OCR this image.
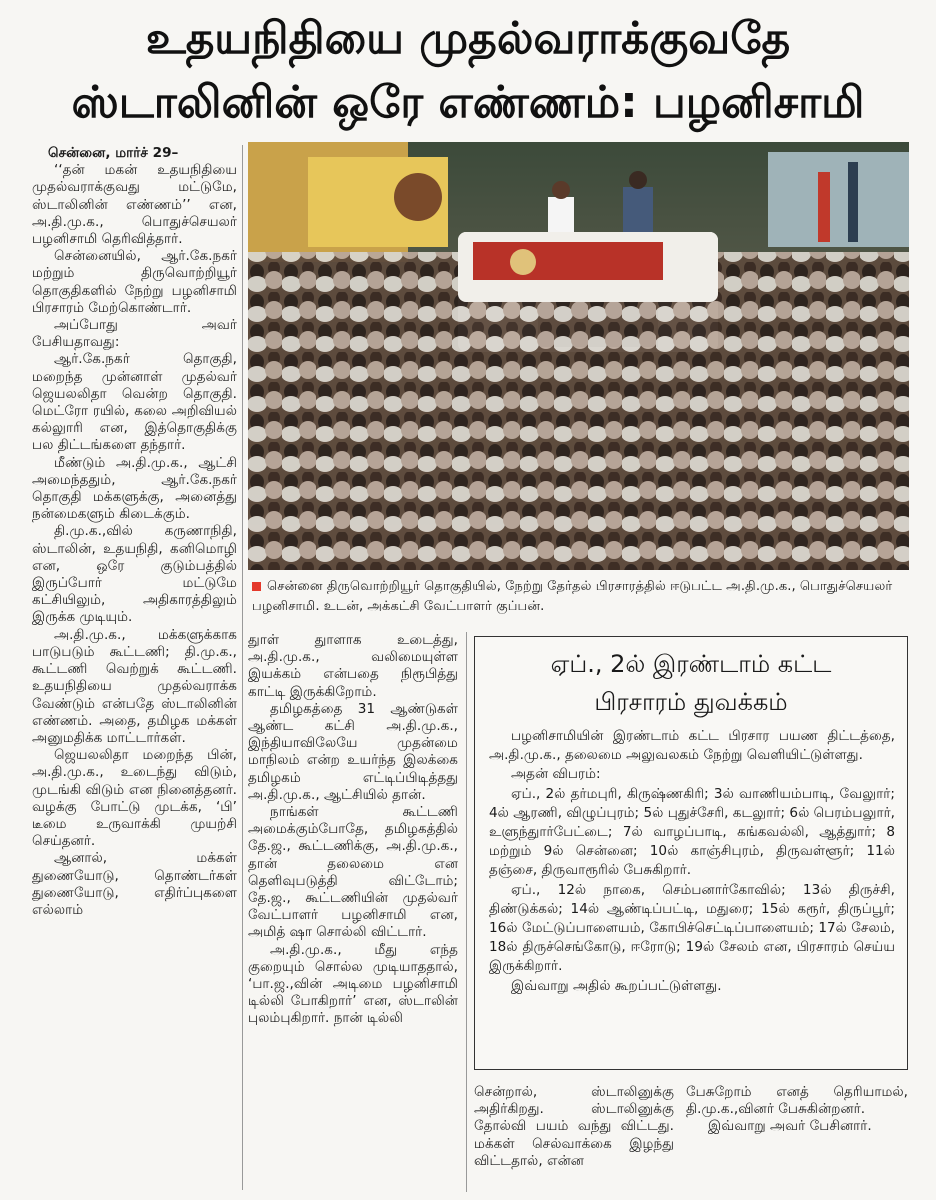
உதயநிதியை முதல்வராக்குவதே
ஸ்டாலினின் ஒரே எண்ணம்: பழனிசாமி

சென்னை, மார்ச் 29–

‘‘தன் மகன் உதயநிதியை முதல்வராக்குவது மட்டுமே, ஸ்டாலினின் எண்ணம்’’ என, அ.தி.மு.க., பொதுச்செயலர் பழனிசாமி தெரிவித்தார்.

சென்னையில், ஆர்.கே.நகர் மற்றும் திருவொற்றியூர் தொகுதிகளில் நேற்று பழனிசாமி பிரசாரம் மேற்கொண்டார்.

அப்போது அவர் பேசியதாவது:

ஆர்.கே.நகர் தொகுதி, மறைந்த முன்னாள் முதல்வர் ஜெயலலிதா வென்ற தொகுதி. மெட்ரோ ரயில், கலை அறிவியல் கல்லுாரி என, இத்தொகுதிக்கு பல திட்டங்களை தந்தார்.

மீண்டும் அ.தி.மு.க., ஆட்சி அமைந்ததும், ஆர்.கே.நகர் தொகுதி மக்களுக்கு, அனைத்து நன்மைகளும் கிடைக்கும்.

தி.மு.க.,வில் கருணாநிதி, ஸ்டாலின், உதயநிதி, கனிமொழி என, ஒரே குடும்பத்தில் இருப்போர் மட்டுமே கட்சியிலும், அதிகாரத்திலும் இருக்க முடியும்.

அ.தி.மு.க., மக்களுக்காக பாடுபடும் கூட்டணி; தி.மு.க., கூட்டணி வெற்றுக் கூட்டணி. உதயநிதியை முதல்வராக்க வேண்டும் என்பதே ஸ்டாலினின் எண்ணம். அதை, தமிழக மக்கள் அனுமதிக்க மாட்டார்கள்.

ஜெயலலிதா மறைந்த பின், அ.தி.மு.க., உடைந்து விடும், முடங்கி விடும் என நினைத்தனர். வழக்கு போட்டு முடக்க, ‘பி’ டீமை உருவாக்கி முயற்சி செய்தனர்.

ஆனால், மக்கள் துணையோடு, தொண்டர்கள் துணையோடு, எதிர்ப்புகளை எல்லாம்

சென்னை திருவொற்றியூர் தொகுதியில், நேற்று தேர்தல் பிரசாரத்தில் ஈடுபட்ட அ.தி.மு.க., பொதுச்செயலர் பழனிசாமி. உடன், அக்கட்சி வேட்பாளர் குப்பன்.

துாள் துாளாக உடைத்து, அ.தி.மு.க., வலிமையுள்ள இயக்கம் என்பதை நிரூபித்து காட்டி இருக்கிறோம்.

தமிழகத்தை 31 ஆண்டுகள் ஆண்ட கட்சி அ.தி.மு.க., இந்தியாவிலேயே முதன்மை மாநிலம் என்ற உயர்ந்த இலக்கை தமிழகம் எட்டிப்பிடித்தது அ.தி.மு.க., ஆட்சியில் தான்.

நாங்கள் கூட்டணி அமைக்கும்போதே, தமிழகத்தில் தே.ஜ., கூட்டணிக்கு, அ.தி.மு.க., தான் தலைமை என தெளிவுபடுத்தி விட்டோம்; தே.ஜ., கூட்டணியின் முதல்வர் வேட்பாளர் பழனிசாமி என, அமித் ஷா சொல்லி விட்டார்.

அ.தி.மு.க., மீது எந்த குறையும் சொல்ல முடியாததால், ‘பா.ஜ.,வின் அடிமை பழனிசாமி டில்லி போகிறார்’ என, ஸ்டாலின் புலம்புகிறார். நான் டில்லி

ஏப்., 2ல் இரண்டாம் கட்ட
பிரசாரம் துவக்கம்

பழனிசாமியின் இரண்டாம் கட்ட பிரசார பயண திட்டத்தை, அ.தி.மு.க., தலைமை அலுவலகம் நேற்று வெளியிட்டுள்ளது.

அதன் விபரம்:

ஏப்., 2ல் தர்மபுரி, கிருஷ்ணகிரி; 3ல் வாணியம்பாடி, வேலுார்; 4ல் ஆரணி, விழுப்புரம்; 5ல் புதுச்சேரி, கடலுார்; 6ல் பெரம்பலுார், உளுந்துார்பேட்டை; 7ல் வாழப்பாடி, கங்கவல்லி, ஆத்துார்; 8 மற்றும் 9ல் சென்னை; 10ல் காஞ்சிபுரம், திருவள்ளூர்; 11ல் தஞ்சை, திருவாரூரில் பேசுகிறார்.

ஏப்., 12ல் நாகை, செம்பனார்கோவில்; 13ல் திருச்சி, திண்டுக்கல்; 14ல் ஆண்டிப்பட்டி, மதுரை; 15ல் கரூர், திருப்பூர்; 16ல் மேட்டுப்பாளையம், கோபிச்செட்டிப்பாளையம்; 17ல் சேலம், 18ல் திருச்செங்கோடு, ஈரோடு; 19ல் சேலம் என, பிரசாரம் செய்ய இருக்கிறார்.

இவ்வாறு அதில் கூறப்பட்டுள்ளது.

சென்றால், ஸ்டாலினுக்கு அதிர்கிறது. ஸ்டாலினுக்கு தோல்வி பயம் வந்து விட்டது. மக்கள் செல்வாக்கை இழந்து விட்டதால், என்ன

பேசுறோம் எனத் தெரியாமல், தி.மு.க.,வினர் பேசுகின்றனர்.

இவ்வாறு அவர் பேசினார்.
